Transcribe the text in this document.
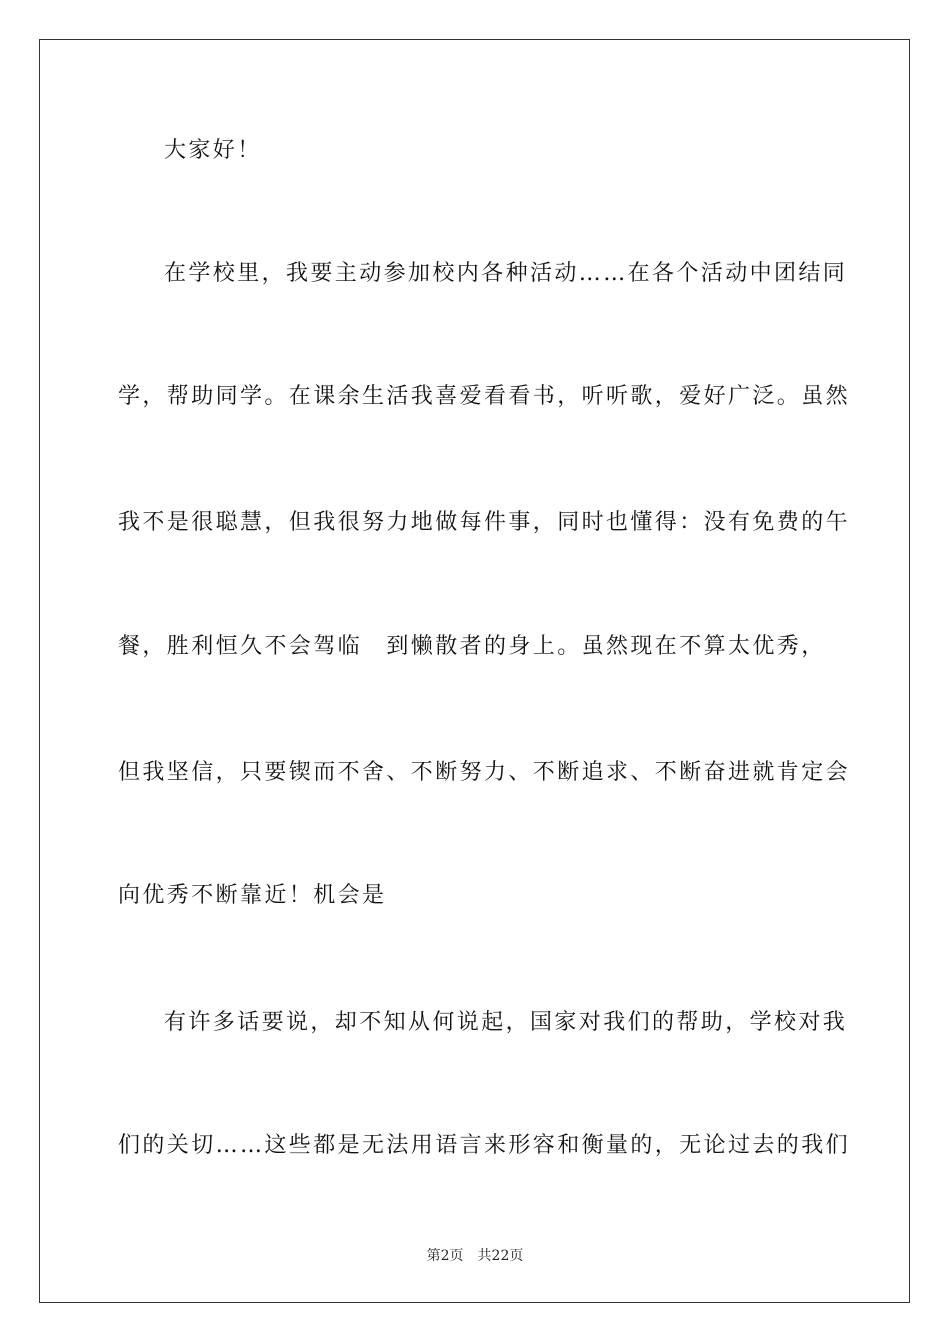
大家好！
在学校里，我要主动参加校内各种活动……在各个活动中团结同
学，帮助同学。在课余生活我喜爱看看书，听听歌，爱好广泛。虽然
我不是很聪慧，但我很努力地做每件事，同时也懂得：没有免费的午
餐，胜利恒久不会驾临　到懒散者的身上。虽然现在不算太优秀，
但我坚信，只要锲而不舍、不断努力、不断追求、不断奋进就肯定会
向优秀不断靠近！机会是
有许多话要说，却不知从何说起，国家对我们的帮助，学校对我
们的关切……这些都是无法用语言来形容和衡量的，无论过去的我们
第2页　共22页
